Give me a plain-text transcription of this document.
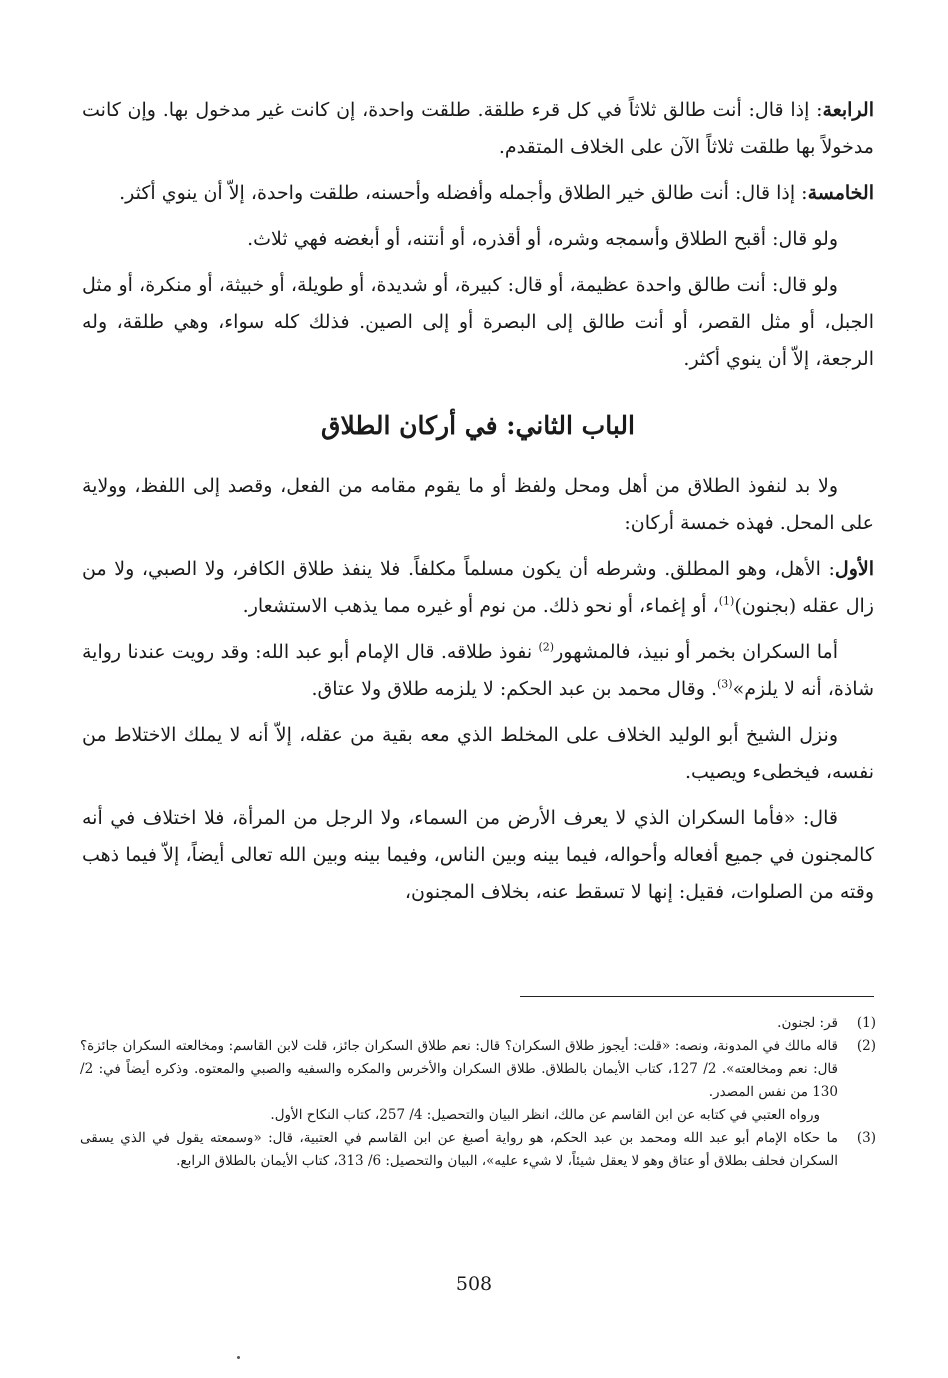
الرابعة: إذا قال: أنت طالق ثلاثاً في كل قرء طلقة. طلقت واحدة، إن كانت غير مدخول بها. وإن كانت مدخولاً بها طلقت ثلاثاً الآن على الخلاف المتقدم.

الخامسة: إذا قال: أنت طالق خير الطلاق وأجمله وأفضله وأحسنه، طلقت واحدة، إلاّ أن ينوي أكثر.

ولو قال: أقبح الطلاق وأسمجه وشره، أو أقذره، أو أنتنه، أو أبغضه فهي ثلاث.

ولو قال: أنت طالق واحدة عظيمة، أو قال: كبيرة، أو شديدة، أو طويلة، أو خبيثة، أو منكرة، أو مثل الجبل، أو مثل القصر، أو أنت طالق إلى البصرة أو إلى الصين. فذلك كله سواء، وهي طلقة، وله الرجعة، إلاّ أن ينوي أكثر.

الباب الثاني: في أركان الطلاق

ولا بد لنفوذ الطلاق من أهل ومحل ولفظ أو ما يقوم مقامه من الفعل، وقصد إلى اللفظ، وولاية على المحل. فهذه خمسة أركان:

الأول: الأهل، وهو المطلق. وشرطه أن يكون مسلماً مكلفاً. فلا ينفذ طلاق الكافر، ولا الصبي، ولا من زال عقله (بجنون)$^{(1)}$، أو إغماء، أو نحو ذلك. من نوم أو غيره مما يذهب الاستشعار.

أما السكران بخمر أو نبيذ، فالمشهور$^{(2)}$ نفوذ طلاقه. قال الإمام أبو عبد الله: وقد رويت عندنا رواية شاذة، أنه لا يلزم»$^{(3)}$. وقال محمد بن عبد الحكم: لا يلزمه طلاق ولا عتاق.

ونزل الشيخ أبو الوليد الخلاف على المخلط الذي معه بقية من عقله، إلاّ أنه لا يملك الاختلاط من نفسه، فيخطىء ويصيب.

قال: «فأما السكران الذي لا يعرف الأرض من السماء، ولا الرجل من المرأة، فلا اختلاف في أنه كالمجنون في جميع أفعاله وأحواله، فيما بينه وبين الناس، وفيما بينه وبين الله تعالى أيضاً، إلاّ فيما ذهب وقته من الصلوات، فقيل: إنها لا تسقط عنه، بخلاف المجنون،

(1)
قر: لجنون.
(2)
قاله مالك في المدونة، ونصه: «قلت: أيجوز طلاق السكران؟ قال: نعم طلاق السكران جائز، قلت لابن القاسم: ومخالعته السكران جائزة؟ قال: نعم ومخالعته». 2/ 127، كتاب الأيمان بالطلاق. طلاق السكران والأخرس والمكره والسفيه والصبي والمعتوه. وذكره أيضاً في: 2/ 130 من نفس المصدر.
ورواه العتبي في كتابه عن ابن القاسم عن مالك، انظر البيان والتحصيل: 4/ 257، كتاب النكاح الأول.
(3)
ما حكاه الإمام أبو عبد الله ومحمد بن عبد الحكم، هو رواية أصبغ عن ابن القاسم في العتبية، قال: «وسمعته يقول في الذي يسقى السكران فحلف بطلاق أو عتاق وهو لا يعقل شيئاً، لا شيء عليه»، البيان والتحصيل: 6/ 313، كتاب الأيمان بالطلاق الرابع.
508
